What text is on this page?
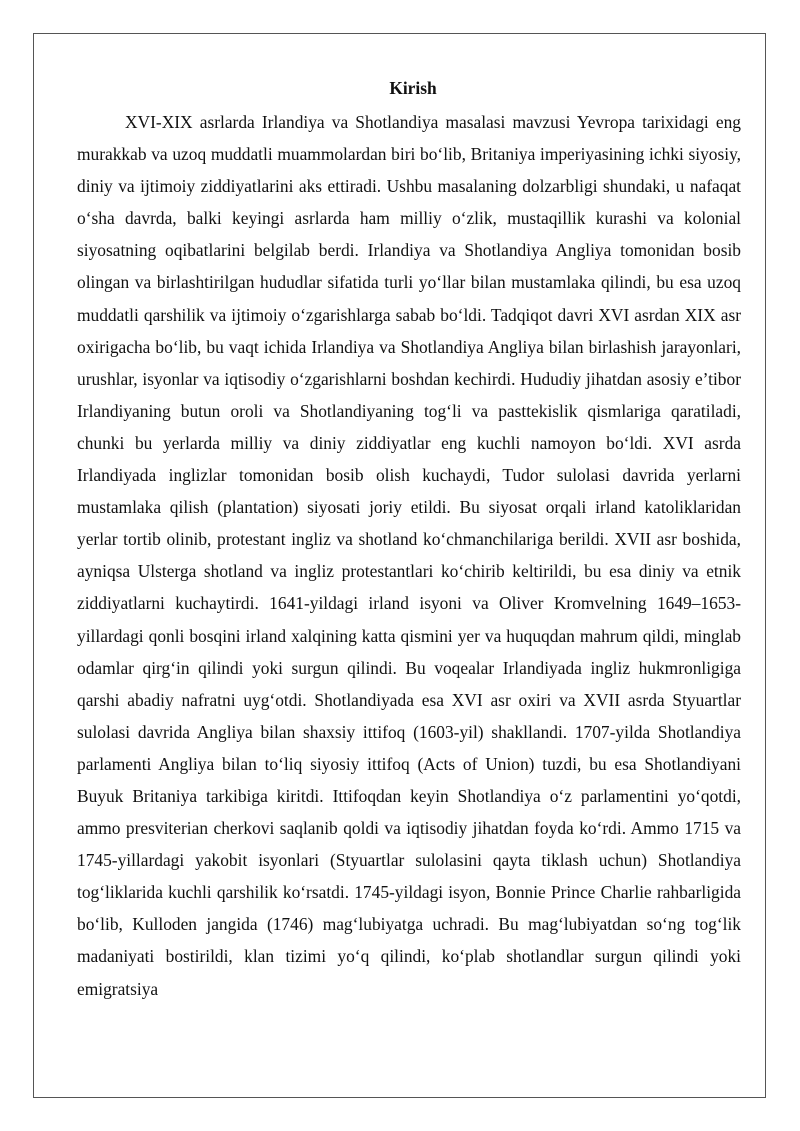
Kirish

XVI-XIX asrlarda Irlandiya va Shotlandiya masalasi mavzusi Yevropa tarixidagi eng murakkab va uzoq muddatli muammolardan biri bo‘lib, Britaniya imperiyasining ichki siyosiy, diniy va ijtimoiy ziddiyatlarini aks ettiradi. Ushbu masalaning dolzarbligi shundaki, u nafaqat o‘sha davrda, balki keyingi asrlarda ham milliy o‘zlik, mustaqillik kurashi va kolonial siyosatning oqibatlarini belgilab berdi. Irlandiya va Shotlandiya Angliya tomonidan bosib olingan va birlashtirilgan hududlar sifatida turli yo‘llar bilan mustamlaka qilindi, bu esa uzoq muddatli qarshilik va ijtimoiy o‘zgarishlarga sabab bo‘ldi. Tadqiqot davri XVI asrdan XIX asr oxirigacha bo‘lib, bu vaqt ichida Irlandiya va Shotlandiya Angliya bilan birlashish jarayonlari, urushlar, isyonlar va iqtisodiy o‘zgarishlarni boshdan kechirdi. Hududiy jihatdan asosiy e’tibor Irlandiyaning butun oroli va Shotlandiyaning tog‘li va pasttekislik qismlariga qaratiladi, chunki bu yerlarda milliy va diniy ziddiyatlar eng kuchli namoyon bo‘ldi. XVI asrda Irlandiyada inglizlar tomonidan bosib olish kuchaydi, Tudor sulolasi davrida yerlarni mustamlaka qilish (plantation) siyosati joriy etildi. Bu siyosat orqali irland katoliklaridan yerlar tortib olinib, protestant ingliz va shotland ko‘chmanchilariga berildi. XVII asr boshida, ayniqsa Ulsterga shotland va ingliz protestantlari ko‘chirib keltirildi, bu esa diniy va etnik ziddiyatlarni kuchaytirdi. 1641-yildagi irland isyoni va Oliver Kromvelning 1649–1653-yillardagi qonli bosqini irland xalqining katta qismini yer va huquqdan mahrum qildi, minglab odamlar qirg‘in qilindi yoki surgun qilindi. Bu voqealar Irlandiyada ingliz hukmronligiga qarshi abadiy nafratni uyg‘otdi. Shotlandiyada esa XVI asr oxiri va XVII asrda Styuartlar sulolasi davrida Angliya bilan shaxsiy ittifoq (1603-yil) shakllandi. 1707-yilda Shotlandiya parlamenti Angliya bilan to‘liq siyosiy ittifoq (Acts of Union) tuzdi, bu esa Shotlandiyani Buyuk Britaniya tarkibiga kiritdi. Ittifoqdan keyin Shotlandiya o‘z parlamentini yo‘qotdi, ammo presviterian cherkovi saqlanib qoldi va iqtisodiy jihatdan foyda ko‘rdi. Ammo 1715 va 1745-yillardagi yakobit isyonlari (Styuartlar sulolasini qayta tiklash uchun) Shotlandiya tog‘liklarida kuchli qarshilik ko‘rsatdi. 1745-yildagi isyon, Bonnie Prince Charlie rahbarligida bo‘lib, Kulloden jangida (1746) mag‘lubiyatga uchradi. Bu mag‘lubiyatdan so‘ng tog‘lik madaniyati bostirildi, klan tizimi yo‘q qilindi, ko‘plab shotlandlar surgun qilindi yoki emigratsiya
